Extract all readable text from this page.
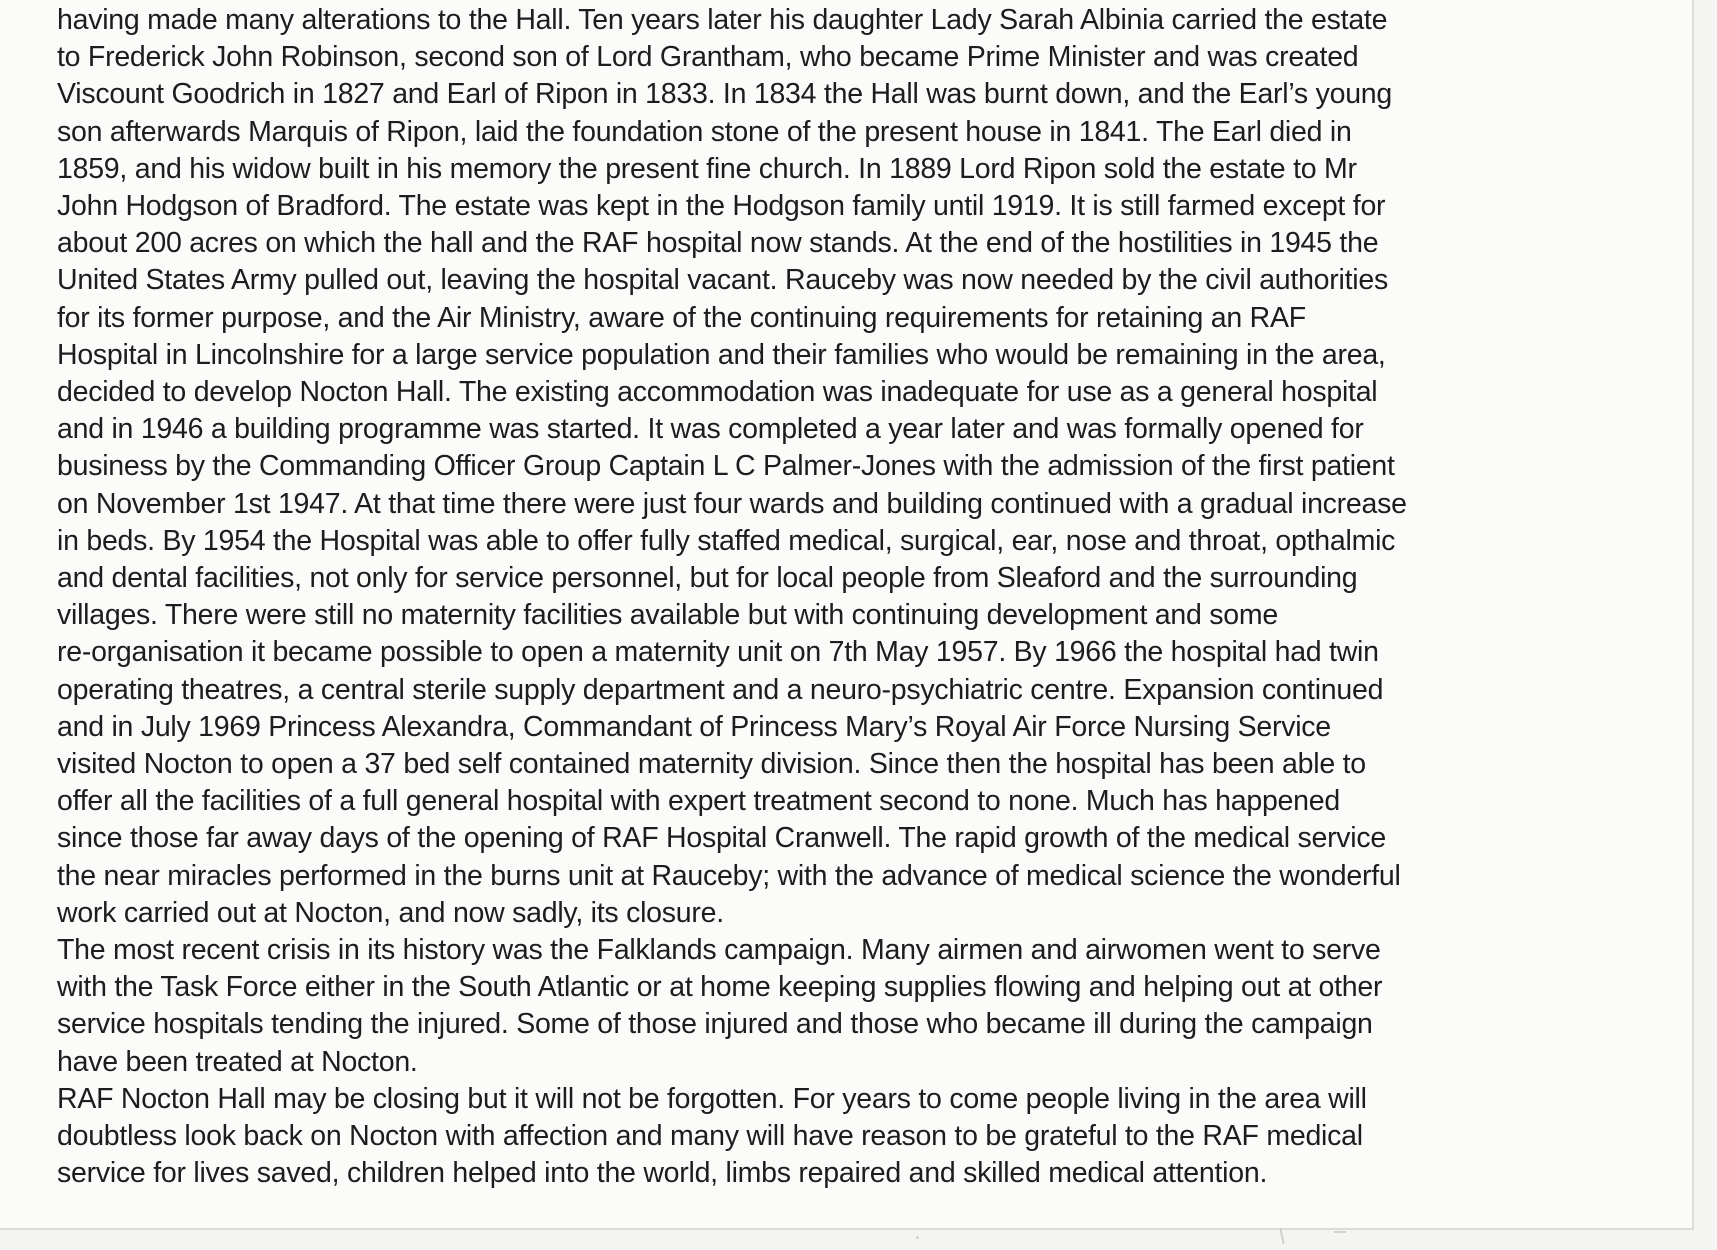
having made many alterations to the Hall. Ten years later his daughter Lady Sarah Albinia carried the estate
to Frederick John Robinson, second son of Lord Grantham, who became Prime Minister and was created
Viscount Goodrich in 1827 and Earl of Ripon in 1833. In 1834 the Hall was burnt down, and the Earl’s young
son afterwards Marquis of Ripon, laid the foundation stone of the present house in 1841. The Earl died in
1859, and his widow built in his memory the present fine church. In 1889 Lord Ripon sold the estate to Mr
John Hodgson of Bradford. The estate was kept in the Hodgson family until 1919. It is still farmed except for
about 200 acres on which the hall and the RAF hospital now stands. At the end of the hostilities in 1945 the
United States Army pulled out, leaving the hospital vacant. Rauceby was now needed by the civil authorities
for its former purpose, and the Air Ministry, aware of the continuing requirements for retaining an RAF
Hospital in Lincolnshire for a large service population and their families who would be remaining in the area,
decided to develop Nocton Hall. The existing accommodation was inadequate for use as a general hospital
and in 1946 a building programme was started. It was completed a year later and was formally opened for
business by the Commanding Officer Group Captain L C Palmer-Jones with the admission of the first patient
on November 1st 1947. At that time there were just four wards and building continued with a gradual increase
in beds. By 1954 the Hospital was able to offer fully staffed medical, surgical, ear, nose and throat, opthalmic
and dental facilities, not only for service personnel, but for local people from Sleaford and the surrounding
villages. There were still no maternity facilities available but with continuing development and some
re-organisation it became possible to open a maternity unit on 7th May 1957. By 1966 the hospital had twin
operating theatres, a central sterile supply department and a neuro-psychiatric centre. Expansion continued
and in July 1969 Princess Alexandra, Commandant of Princess Mary’s Royal Air Force Nursing Service
visited Nocton to open a 37 bed self contained maternity division. Since then the hospital has been able to
offer all the facilities of a full general hospital with expert treatment second to none. Much has happened
since those far away days of the opening of RAF Hospital Cranwell. The rapid growth of the medical service
the near miracles performed in the burns unit at Rauceby; with the advance of medical science the wonderful
work carried out at Nocton, and now sadly, its closure.
The most recent crisis in its history was the Falklands campaign. Many airmen and airwomen went to serve
with the Task Force either in the South Atlantic or at home keeping supplies flowing and helping out at other
service hospitals tending the injured. Some of those injured and those who became ill during the campaign
have been treated at Nocton.
RAF Nocton Hall may be closing but it will not be forgotten. For years to come people living in the area will
doubtless look back on Nocton with affection and many will have reason to be grateful to the RAF medical
service for lives saved, children helped into the world, limbs repaired and skilled medical attention.
